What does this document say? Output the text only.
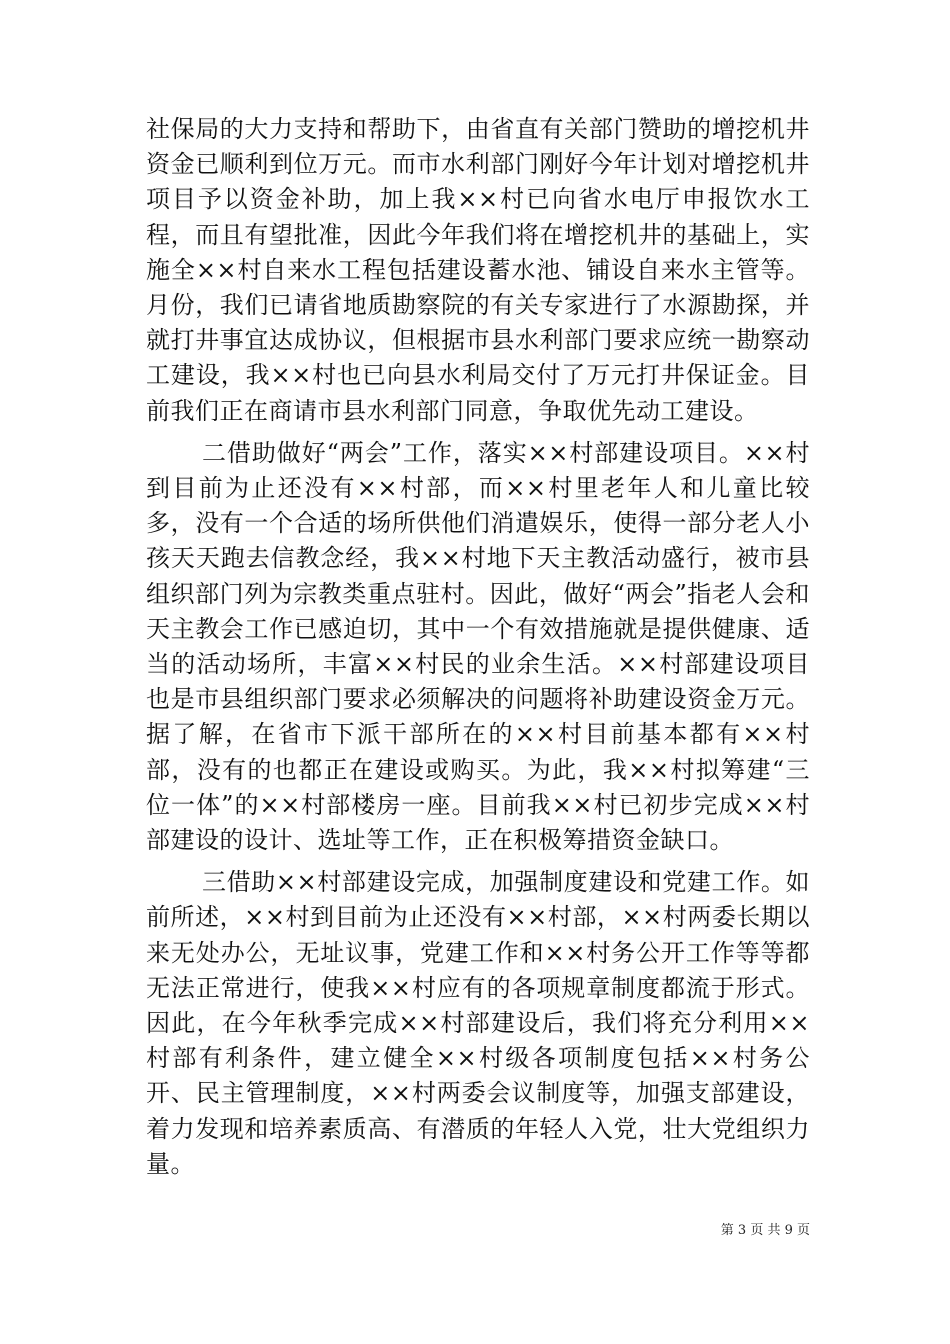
社保局的大力支持和帮助下，由省直有关部门赞助的增挖机井资金已顺利到位万元。而市水利部门刚好今年计划对增挖机井项目予以资金补助，加上我××村已向省水电厅申报饮水工程，而且有望批准，因此今年我们将在增挖机井的基础上，实施全××村自来水工程包括建设蓄水池、铺设自来水主管等。月份，我们已请省地质勘察院的有关专家进行了水源勘探，并就打井事宜达成协议，但根据市县水利部门要求应统一勘察动工建设，我××村也已向县水利局交付了万元打井保证金。目前我们正在商请市县水利部门同意，争取优先动工建设。

二借助做好“两会”工作，落实××村部建设项目。××村到目前为止还没有××村部，而××村里老年人和儿童比较多，没有一个合适的场所供他们消遣娱乐，使得一部分老人小孩天天跑去信教念经，我××村地下天主教活动盛行，被市县组织部门列为宗教类重点驻村。因此，做好“两会”指老人会和天主教会工作已感迫切，其中一个有效措施就是提供健康、适当的活动场所，丰富××村民的业余生活。××村部建设项目也是市县组织部门要求必须解决的问题将补助建设资金万元。据了解，在省市下派干部所在的××村目前基本都有××村部，没有的也都正在建设或购买。为此，我××村拟筹建“三位一体”的××村部楼房一座。目前我××村已初步完成××村部建设的设计、选址等工作，正在积极筹措资金缺口。

三借助××村部建设完成，加强制度建设和党建工作。如前所述，××村到目前为止还没有××村部，××村两委长期以来无处办公，无址议事，党建工作和××村务公开工作等等都无法正常进行，使我××村应有的各项规章制度都流于形式。因此，在今年秋季完成××村部建设后，我们将充分利用××村部有利条件，建立健全××村级各项制度包括××村务公开、民主管理制度，××村两委会议制度等，加强支部建设，着力发现和培养素质高、有潜质的年轻人入党，壮大党组织力量。

第 3 页 共 9 页
